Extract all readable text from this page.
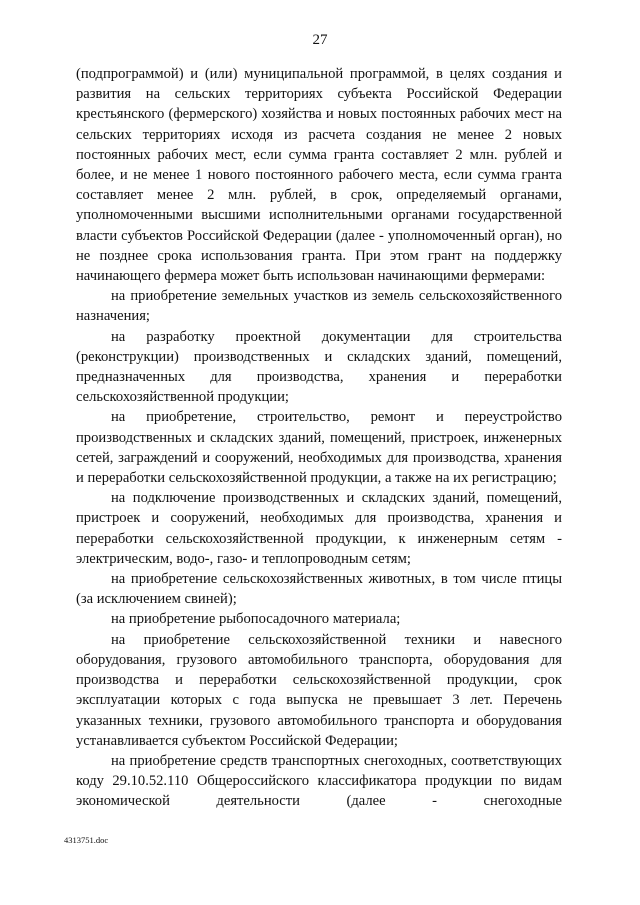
27

(подпрограммой) и (или) муниципальной программой, в целях создания и развития на сельских территориях субъекта Российской Федерации крестьянского (фермерского) хозяйства и новых постоянных рабочих мест на сельских территориях исходя из расчета создания не менее 2 новых постоянных рабочих мест, если сумма гранта составляет 2 млн. рублей и более, и не менее 1 нового постоянного рабочего места, если сумма гранта составляет менее 2 млн. рублей, в срок, определяемый органами, уполномоченными высшими исполнительными органами государственной власти субъектов Российской Федерации (далее - уполномоченный орган), но не позднее срока использования гранта. При этом грант на поддержку начинающего фермера может быть использован начинающими фермерами:

на приобретение земельных участков из земель сельскохозяйственного назначения;

на разработку проектной документации для строительства (реконструкции) производственных и складских зданий, помещений, предназначенных для производства, хранения и переработки сельскохозяйственной продукции;

на приобретение, строительство, ремонт и переустройство производственных и складских зданий, помещений, пристроек, инженерных сетей, заграждений и сооружений, необходимых для производства, хранения и переработки сельскохозяйственной продукции, а также на их регистрацию;

на подключение производственных и складских зданий, помещений, пристроек и сооружений, необходимых для производства, хранения и переработки сельскохозяйственной продукции, к инженерным сетям - электрическим, водо-, газо- и теплопроводным сетям;

на приобретение сельскохозяйственных животных, в том числе птицы (за исключением свиней);

на приобретение рыбопосадочного материала;

на приобретение сельскохозяйственной техники и навесного оборудования, грузового автомобильного транспорта, оборудования для производства и переработки сельскохозяйственной продукции, срок эксплуатации которых с года выпуска не превышает 3 лет. Перечень указанных техники, грузового автомобильного транспорта и оборудования устанавливается субъектом Российской Федерации;

на приобретение средств транспортных снегоходных, соответствующих коду 29.10.52.110 Общероссийского классификатора продукции по видам экономической деятельности (далее - снегоходные

4313751.doc
